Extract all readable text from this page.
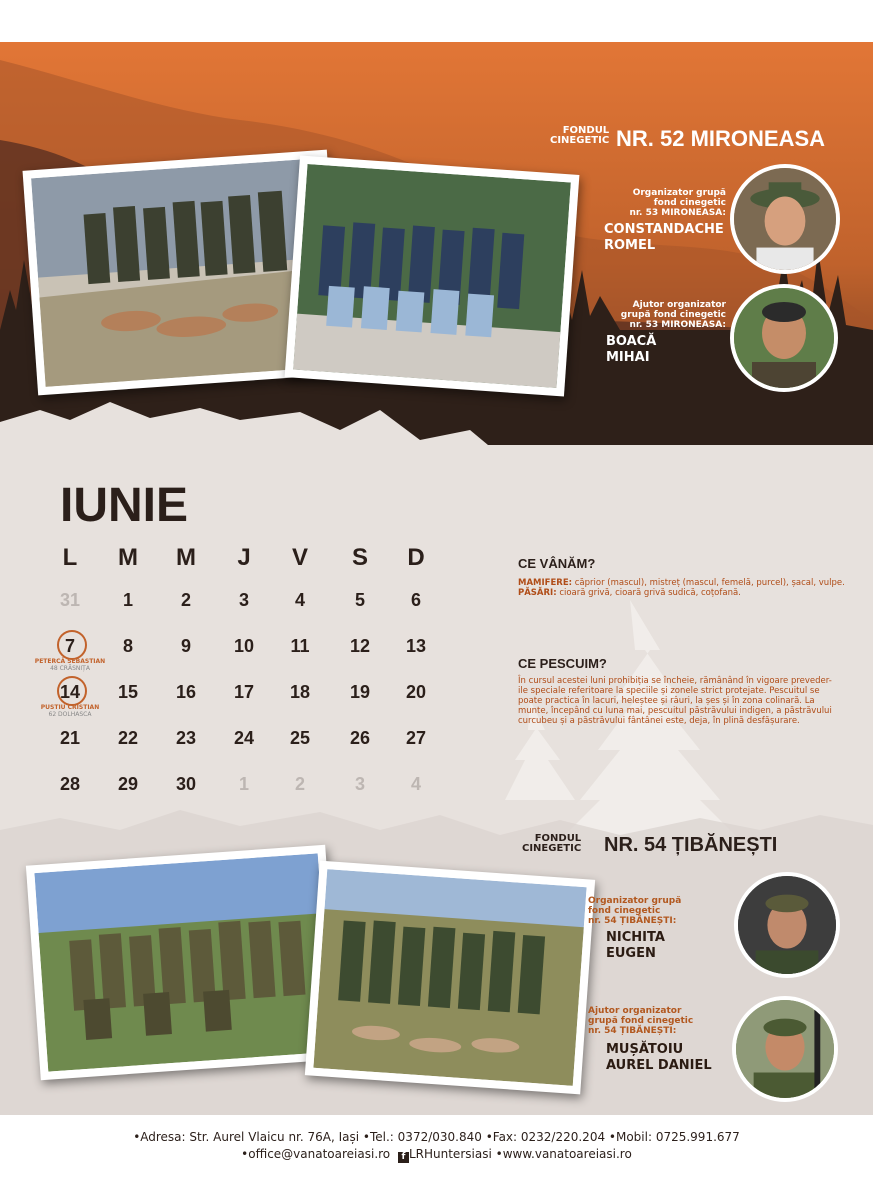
FONDUL
CINEGETIC NR. 52 MIRONEASA
Organizator grupă
fond cinegetic
nr. 53 MIRONEASA:
CONSTANDACHE
ROMEL
Ajutor organizator
grupă fond cinegetic
nr. 53 MIRONEASA:
BOACĂ
MIHAI
IUNIE
L	M	M	J	V	S	D
31	1	2	3	4	5	6
7	8	9	10	11	12	13
14	15	16	17	18	19	20
21	22	23	24	25	26	27
28	29	30	1	2	3	4
PETERCĂ SEBASTIAN
48 CRĂSNIȚA
PUSTIU CRISTIAN
62 DOLHASCA
CE VÂNĂM?
MAMIFERE: căprior (mascul), mistreț (mascul, femelă, purcel), șacal, vulpe.
PĂSĂRI: cioară grivă, cioară grivă sudică, coțofană.
CE PESCUIM?
În cursul acestei luni prohibiția se încheie, rămânând în vigoare preveder-
ile speciale referitoare la speciile și zonele strict protejate. Pescuitul se
poate practica în lacuri, heleștee și râuri, la șes și în zona colinară. La
munte, începând cu luna mai, pescuitul păstrăvului indigen, a păstrăvului
curcubeu și a păstrăvului fântânei este, deja, în plină desfășurare.
FONDUL
CINEGETIC NR. 54 ȚIBĂNEȘTI
Organizator grupă
fond cinegetic
nr. 54 ȚIBĂNEȘTI:
NICHITA
EUGEN
Ajutor organizator
grupă fond cinegetic
nr. 54 ȚIBĂNEȘTI:
MUȘĂTOIU
AUREL DANIEL
•Adresa: Str. Aurel Vlaicu nr. 76A, Iași •Tel.: 0372/030.840 •Fax: 0232/220.204 •Mobil: 0725.991.677
•office@vanatoareiasi.ro f LRHuntersiasi •www.vanatoareiasi.ro
